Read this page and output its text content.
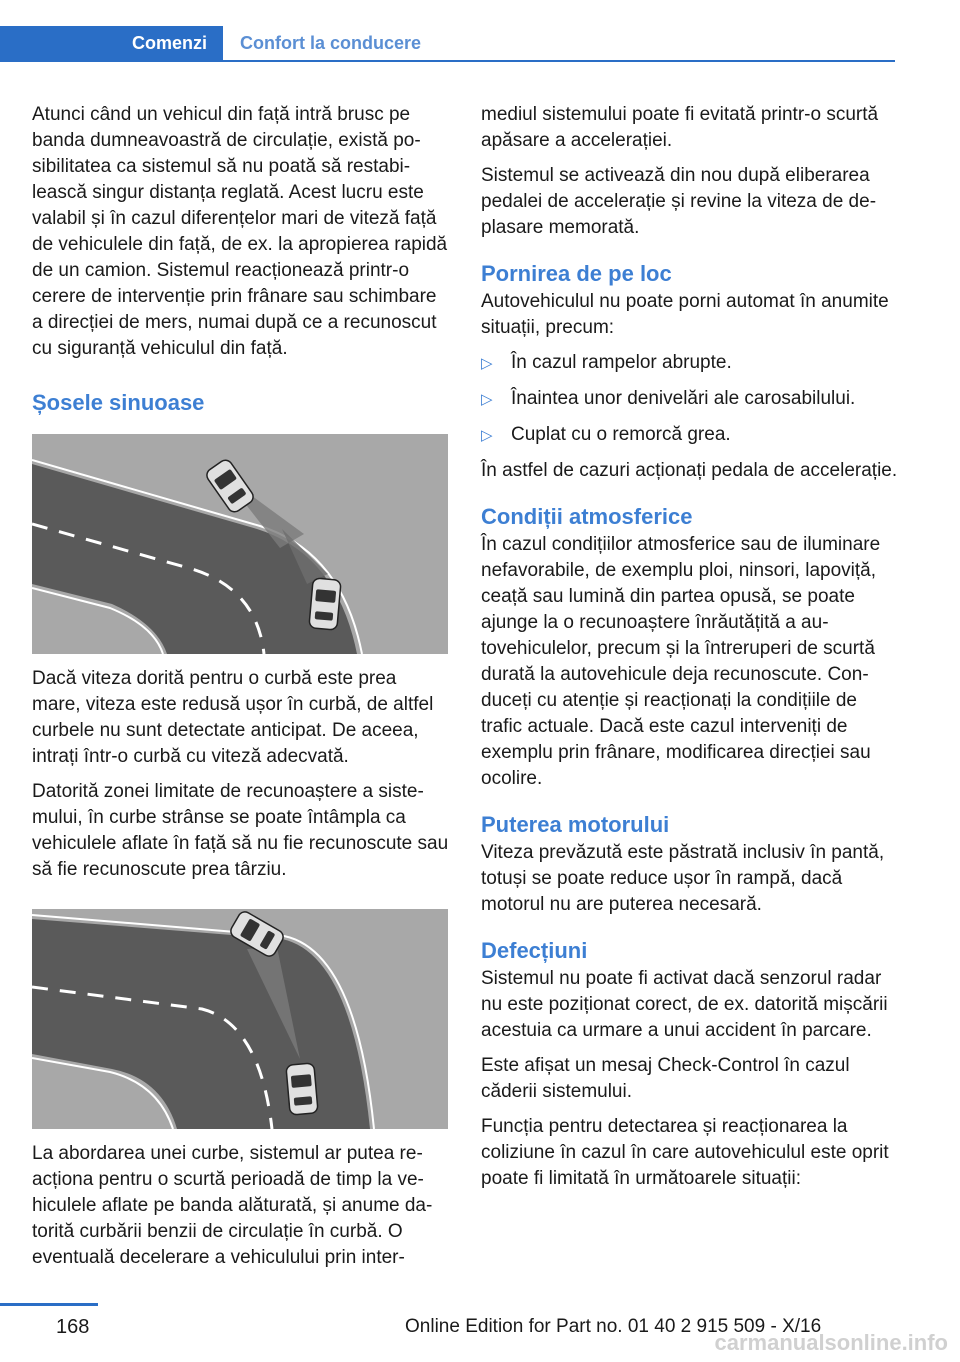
Comenzi Confort la conducere

Atunci când un vehicul din față intră brusc pe banda dumneavoastră de circulație, există posibilitatea ca sistemul să nu poată să restabilească singur distanța reglată. Acest lucru este valabil și în cazul diferențelor mari de viteză față de vehiculele din față, de ex. la apropierea rapidă de un camion. Sistemul reacționează printr-o cerere de intervenție prin frânare sau schimbare a direcției de mers, numai după ce a recunoscut cu siguranță vehiculul din față.

Șosele sinuoase

Dacă viteza dorită pentru o curbă este prea mare, viteza este redusă ușor în curbă, de altfel curbele nu sunt detectate anticipat. De aceea, intrați într-o curbă cu viteză adecvată.

Datorită zonei limitate de recunoaștere a sistemului, în curbe strânse se poate întâmpla ca vehiculele aflate în față să nu fie recunoscute sau să fie recunoscute prea târziu.

La abordarea unei curbe, sistemul ar putea reacționa pentru o scurtă perioadă de timp la vehiculele aflate pe banda alăturată, și anume datorită curbării benzii de circulație în curbă. O eventuală decelerare a vehiculului prin inter-

mediul sistemului poate fi evitată printr-o scurtă apăsare a accelerației.

Sistemul se activează din nou după eliberarea pedalei de accelerație și revine la viteza de deplasare memorată.

Pornirea de pe loc

Autovehiculul nu poate porni automat în anumite situații, precum:

▷ În cazul rampelor abrupte.
▷ Înaintea unor denivelări ale carosabilului.
▷ Cuplat cu o remorcă grea.

În astfel de cazuri acționați pedala de accelerație.

Condiții atmosferice

În cazul condițiilor atmosferice sau de iluminare nefavorabile, de exemplu ploi, ninsori, lapoviță, ceață sau lumină din partea opusă, se poate ajunge la o recunoaștere înrăutățită a autovehiculelor, precum și la întreruperi de scurtă durată la autovehicule deja recunoscute. Conduceți cu atenție și reacționați la condițiile de trafic actuale. Dacă este cazul interveniți de exemplu prin frânare, modificarea direcției sau ocolire.

Puterea motorului

Viteza prevăzută este păstrată inclusiv în pantă, totuși se poate reduce ușor în rampă, dacă motorul nu are puterea necesară.

Defecțiuni

Sistemul nu poate fi activat dacă senzorul radar nu este poziționat corect, de ex. datorită mișcării acestuia ca urmare a unui accident în parcare.

Este afișat un mesaj Check-Control în cazul căderii sistemului.

Funcția pentru detectarea și reacționarea la coliziune în cazul în care autovehiculul este oprit poate fi limitată în următoarele situații:

168	Online Edition for Part no. 01 40 2 915 509 - X/16
carmanualsonline.info
